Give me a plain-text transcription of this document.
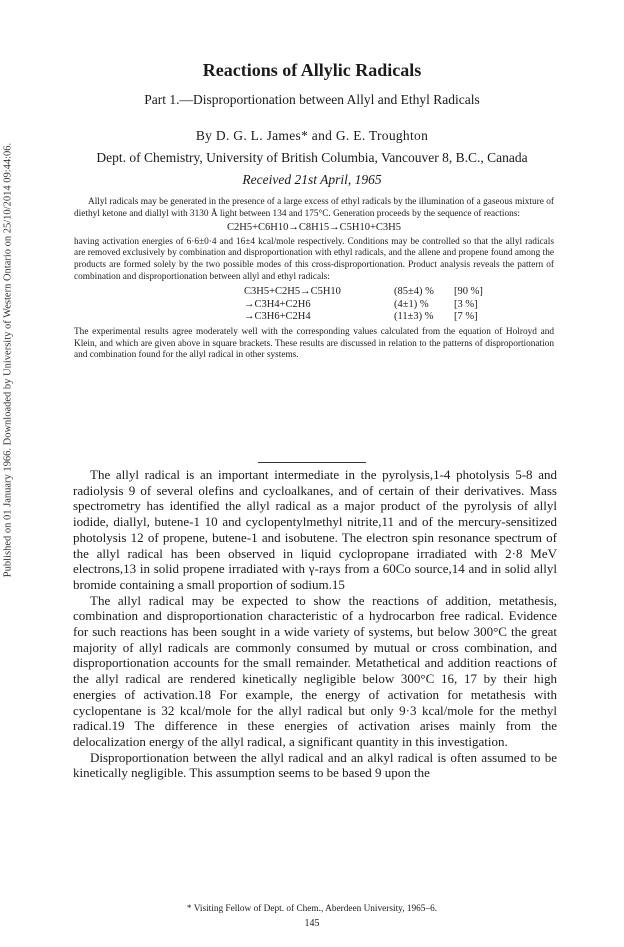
Published on 01 January 1966. Downloaded by University of Western Ontario on 25/10/2014 09:44:06.
Reactions of Allylic Radicals
Part 1.—Disproportionation between Allyl and Ethyl Radicals
By D. G. L. James* and G. E. Troughton
Dept. of Chemistry, University of British Columbia, Vancouver 8, B.C., Canada
Received 21st April, 1965

Allyl radicals may be generated in the presence of a large excess of ethyl radicals by the illumination of a gaseous mixture of diethyl ketone and diallyl with 3130 Å light between 134 and 175°C. Generation proceeds by the sequence of reactions:

C2H5+C6H10→C8H15→C5H10+C3H5

having activation energies of 6·6±0·4 and 16±4 kcal/mole respectively. Conditions may be controlled so that the allyl radicals are removed exclusively by combination and disproportionation with ethyl radicals, and the allene and propene found among the products are formed solely by the two possible modes of this cross-disproportionation. Product analysis reveals the pattern of combination and disproportionation between allyl and ethyl radicals:

C3H5+C2H5→C5H10	(85±4) %	[90 %]
→C3H4+C2H6	(4±1) %	[3 %]
→C3H6+C2H4	(11±3) %	[7 %]

The experimental results agree moderately well with the corresponding values calculated from the equation of Holroyd and Klein, and which are given above in square brackets. These results are discussed in relation to the patterns of disproportionation and combination found for the allyl radical in other systems.

The allyl radical is an important intermediate in the pyrolysis,1-4 photolysis 5-8 and radiolysis 9 of several olefins and cycloalkanes, and of certain of their derivatives. Mass spectrometry has identified the allyl radical as a major product of the pyrolysis of allyl iodide, diallyl, butene-1 10 and cyclopentylmethyl nitrite,11 and of the mercury-sensitized photolysis 12 of propene, butene-1 and isobutene. The electron spin resonance spectrum of the allyl radical has been observed in liquid cyclopropane irradiated with 2·8 MeV electrons,13 in solid propene irradiated with γ-rays from a 60Co source,14 and in solid allyl bromide containing a small proportion of sodium.15

The allyl radical may be expected to show the reactions of addition, metathesis, combination and disproportionation characteristic of a hydrocarbon free radical. Evidence for such reactions has been sought in a wide variety of systems, but below 300°C the great majority of allyl radicals are commonly consumed by mutual or cross combination, and disproportionation accounts for the small remainder. Metathetical and addition reactions of the allyl radical are rendered kinetically negligible below 300°C 16, 17 by their high energies of activation.18 For example, the energy of activation for metathesis with cyclopentane is 32 kcal/mole for the allyl radical but only 9·3 kcal/mole for the methyl radical.19 The difference in these energies of activation arises mainly from the delocalization energy of the allyl radical, a significant quantity in this investigation.

Disproportionation between the allyl radical and an alkyl radical is often assumed to be kinetically negligible. This assumption seems to be based 9 upon the

* Visiting Fellow of Dept. of Chem., Aberdeen University, 1965–6.
145
